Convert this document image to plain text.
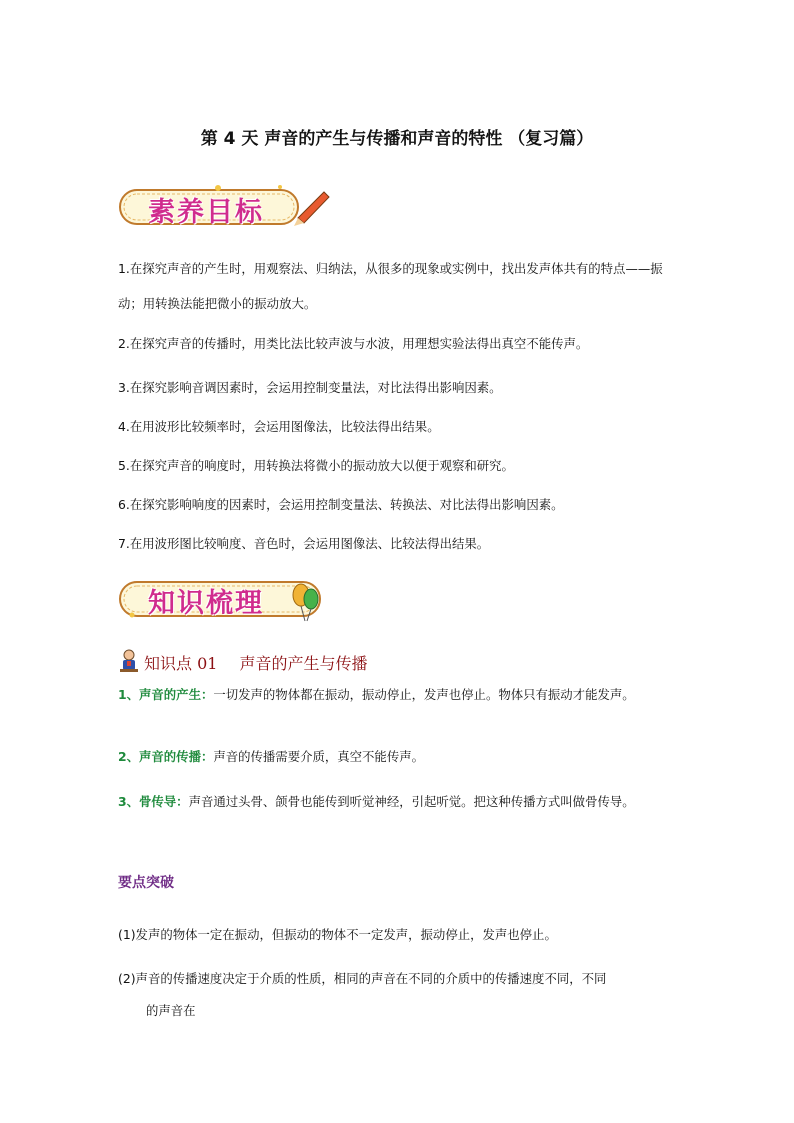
第 4 天 声音的产生与传播和声音的特性 （复习篇）
素养目标
1.在探究声音的产生时，用观察法、归纳法，从很多的现象或实例中，找出发声体共有的特点——振动；用转换法能把微小的振动放大。
2.在探究声音的传播时，用类比法比较声波与水波，用理想实验法得出真空不能传声。
3.在探究影响音调因素时，会运用控制变量法，对比法得出影响因素。
4.在用波形比较频率时，会运用图像法，比较法得出结果。
5.在探究声音的响度时，用转换法将微小的振动放大以便于观察和研究。
6.在探究影响响度的因素时，会运用控制变量法、转换法、对比法得出影响因素。
7.在用波形图比较响度、音色时，会运用图像法、比较法得出结果。
知识梳理
知识点 01 声音的产生与传播
1、声音的产生：一切发声的物体都在振动，振动停止，发声也停止。物体只有振动才能发声。
2、声音的传播：声音的传播需要介质，真空不能传声。
3、骨传导：声音通过头骨、颌骨也能传到听觉神经，引起听觉。把这种传播方式叫做骨传导。
要点突破
(1)发声的物体一定在振动，但振动的物体不一定发声，振动停止，发声也停止。
(2)声音的传播速度决定于介质的性质，相同的声音在不同的介质中的传播速度不同，不同
的声音在
